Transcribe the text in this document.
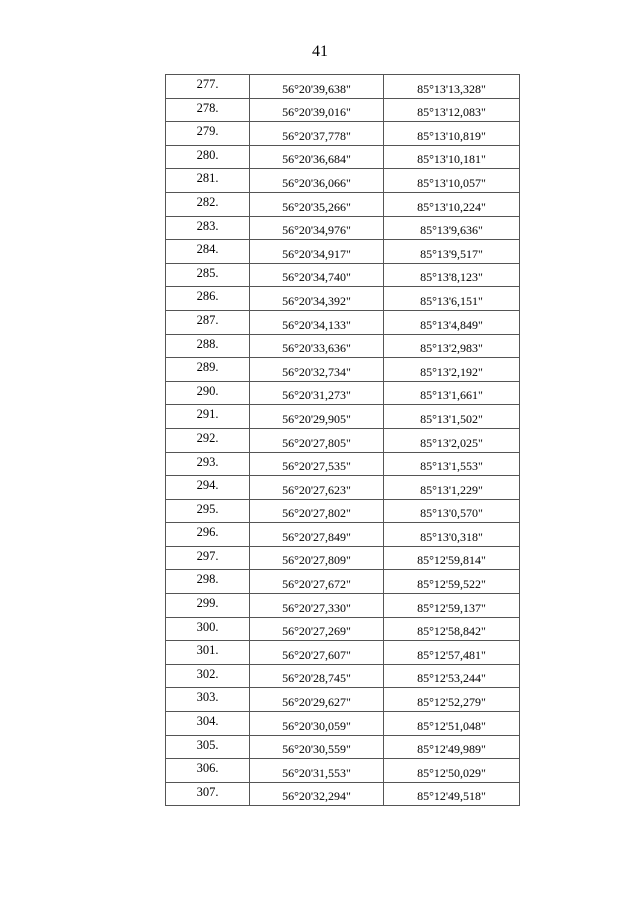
41
277.	56°20'39,638"	85°13'13,328"
278.	56°20'39,016"	85°13'12,083"
279.	56°20'37,778"	85°13'10,819"
280.	56°20'36,684"	85°13'10,181"
281.	56°20'36,066"	85°13'10,057"
282.	56°20'35,266"	85°13'10,224"
283.	56°20'34,976"	85°13'9,636"
284.	56°20'34,917"	85°13'9,517"
285.	56°20'34,740"	85°13'8,123"
286.	56°20'34,392"	85°13'6,151"
287.	56°20'34,133"	85°13'4,849"
288.	56°20'33,636"	85°13'2,983"
289.	56°20'32,734"	85°13'2,192"
290.	56°20'31,273"	85°13'1,661"
291.	56°20'29,905"	85°13'1,502"
292.	56°20'27,805"	85°13'2,025"
293.	56°20'27,535"	85°13'1,553"
294.	56°20'27,623"	85°13'1,229"
295.	56°20'27,802"	85°13'0,570"
296.	56°20'27,849"	85°13'0,318"
297.	56°20'27,809"	85°12'59,814"
298.	56°20'27,672"	85°12'59,522"
299.	56°20'27,330"	85°12'59,137"
300.	56°20'27,269"	85°12'58,842"
301.	56°20'27,607"	85°12'57,481"
302.	56°20'28,745"	85°12'53,244"
303.	56°20'29,627"	85°12'52,279"
304.	56°20'30,059"	85°12'51,048"
305.	56°20'30,559"	85°12'49,989"
306.	56°20'31,553"	85°12'50,029"
307.	56°20'32,294"	85°12'49,518"
